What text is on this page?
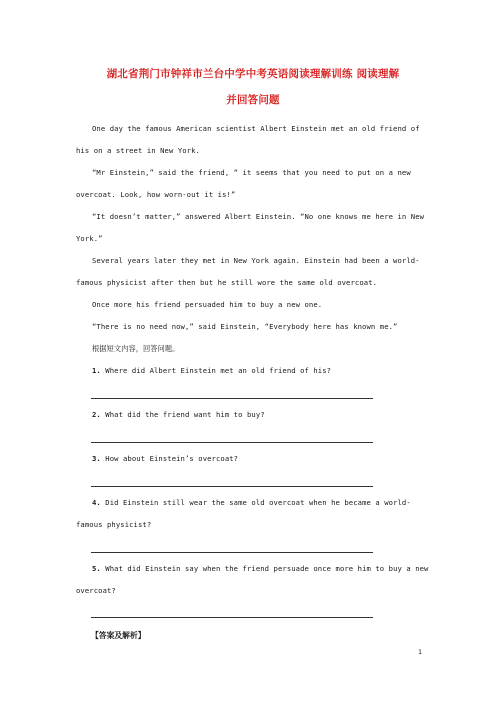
湖北省荆门市钟祥市兰台中学中考英语阅读理解训练 阅读理解
并回答问题
One day the famous American scientist Albert Einstein met an old friend of his on a street in New York.
“Mr Einstein,” said the friend, “ it seems that you need to put on a new overcoat. Look, how worn-out it is!”
“It doesn’t matter,” answered Albert Einstein. “No one knows me here in New York.”
Several years later they met in New York again. Einstein had been a world-famous physicist after then but he still wore the same old overcoat.
Once more his friend persuaded him to buy a new one.
“There is no need now,” said Einstein, “Everybody here has known me.”
根据短文内容，回答问题。
1. Where did Albert Einstein met an old friend of his?
2. What did the friend want him to buy?
3. How about Einstein’s overcoat?
4. Did Einstein still wear the same old overcoat when he became a world-famous physicist?
5. What did Einstein say when the friend persuade once more him to buy a new overcoat?
【答案及解析】
1
